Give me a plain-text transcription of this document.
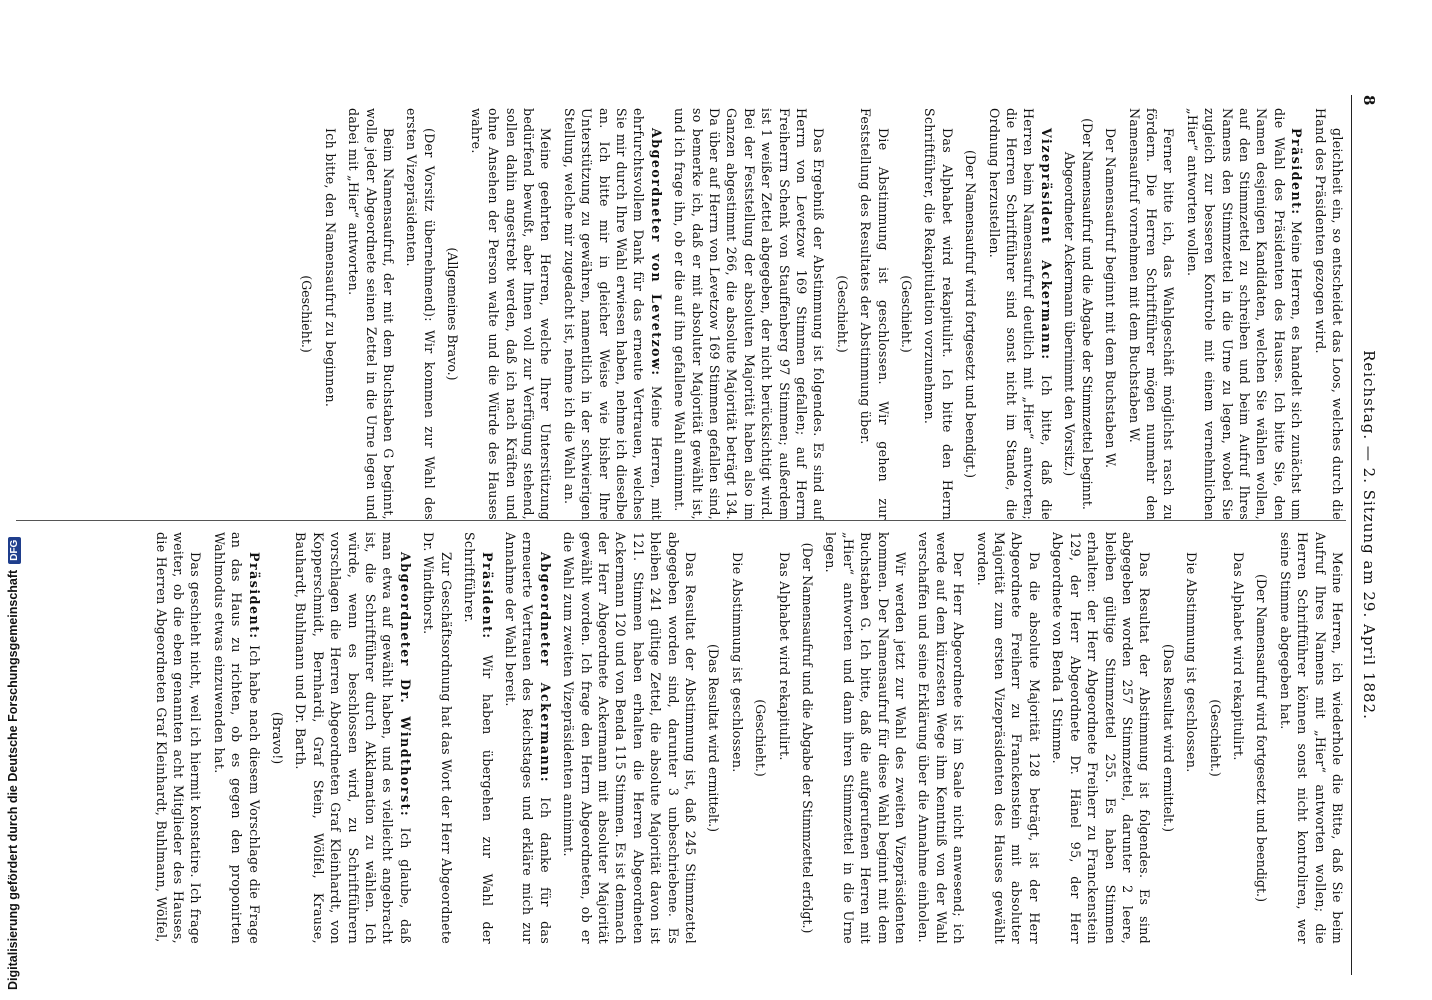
Digitalisierung gefördert durch die Deutsche ForschungsgemeinschaftDFG
8
Reichstag. — 2. Sitzung am 29. April 1882.

gleichheit ein, so entscheidet das Loos, welches durch die Hand des Präsidenten gezogen wird.

Präsident: Meine Herren, es handelt sich zunächst um die Wahl des Präsidenten des Hauses. Ich bitte Sie, den Namen desjenigen Kandidaten, welchen Sie wählen wollen, auf den Stimmzettel zu schreiben und beim Aufruf Ihres Namens den Stimmzettel in die Urne zu legen, wobei Sie zugleich zur besseren Kontrole mit einem vernehmlichen „Hier“ antworten wollen.

Ferner bitte ich, das Wahlgeschäft möglichst rasch zu fördern. Die Herren Schriftführer mögen nunmehr den Namensaufruf vornehmen mit dem Buchstaben W.

Der Namensaufruf beginnt mit dem Buchstaben W.

(Der Namensaufruf und die Abgabe der Stimmzettel beginnt. Abgeordneter Ackermann übernimmt den Vorsitz.)

Vizepräsident Ackermann: Ich bitte, daß die Herren beim Namensaufruf deutlich mit „Hier“ antworten; die Herren Schriftführer sind sonst nicht im Stande, die Ordnung herzustellen.

(Der Namensaufruf wird fortgesetzt und beendigt.)

Das Alphabet wird rekapitulirt. Ich bitte den Herrn Schriftführer, die Rekapitulation vorzunehmen.

(Geschieht.)

Die Abstimmung ist geschlossen. Wir gehen zur Feststellung des Resultates der Abstimmung über.

(Geschieht.)

Das Ergebniß der Abstimmung ist folgendes. Es sind auf Herrn von Levetzow 169 Stimmen gefallen; auf Herrn Freiherrn Schenk von Stauffenberg 97 Stimmen; außerdem ist 1 weißer Zettel abgegeben, der nicht berücksichtigt wird. Bei der Feststellung der absoluten Majorität haben also im Ganzen abgestimmt 266, die absolute Majorität beträgt 134. Da über auf Herrn von Levetzow 169 Stimmen gefallen sind, so bemerke ich, daß er mit absoluter Majorität gewählt ist, und ich frage ihn, ob er die auf ihn gefallene Wahl annimmt.

Abgeordneter von Levetzow: Meine Herren, mit ehrfurchtsvollem Dank für das erneute Vertrauen, welches Sie mir durch Ihre Wahl erwiesen haben, nehme ich dieselbe an. Ich bitte mir in gleicher Weise wie bisher Ihre Unterstützung zu gewähren, namentlich in der schwierigen Stellung, welche mir zugedacht ist, nehme ich die Wahl an.

Meine geehrten Herren, welche Ihrer Unterstützung bedürfend bewußt, aber Ihnen voll zur Verfügung stehend, sollen dahin angestrebt werden, daß ich nach Kräften und ohne Ansehen der Person walte und die Würde des Hauses wahre.

(Allgemeines Bravo.)

(Der Vorsitz übernehmend): Wir kommen zur Wahl des ersten Vizepräsidenten.

Beim Namensaufruf, der mit dem Buchstaben G beginnt, wolle jeder Abgeordnete seinen Zettel in die Urne legen und dabei mit „Hier“ antworten.

Ich bitte, den Namensaufruf zu beginnen.

(Geschieht.)

Meine Herren, ich wiederhole die Bitte, daß Sie beim Aufruf Ihres Namens mit „Hier“ antworten wollen; die Herren Schriftführer können sonst nicht kontroliren, wer seine Stimme abgegeben hat.

(Der Namensaufruf wird fortgesetzt und beendigt.)

Das Alphabet wird rekapitulirt.

(Geschieht.)

Die Abstimmung ist geschlossen.

(Das Resultat wird ermittelt.)

Das Resultat der Abstimmung ist folgendes. Es sind abgegeben worden 257 Stimmzettel, darunter 2 leere, bleiben gültige Stimmzettel 255. Es haben Stimmen erhalten: der Herr Abgeordnete Freiherr zu Franckenstein 129, der Herr Abgeordnete Dr. Hänel 95, der Herr Abgeordnete von Benda 1 Stimme.

Da die absolute Majorität 128 beträgt, ist der Herr Abgeordnete Freiherr zu Franckenstein mit absoluter Majorität zum ersten Vizepräsidenten des Hauses gewählt worden.

Der Herr Abgeordnete ist im Saale nicht anwesend; ich werde auf dem kürzesten Wege ihm Kenntniß von der Wahl verschaffen und seine Erklärung über die Annahme einholen.

Wir werden jetzt zur Wahl des zweiten Vizepräsidenten kommen. Der Namensaufruf für diese Wahl beginnt mit dem Buchstaben G. Ich bitte, daß die aufgerufenen Herren mit „Hier“ antworten und dann ihren Stimmzettel in die Urne legen.

(Der Namensaufruf und die Abgabe der Stimmzettel erfolgt.)

Das Alphabet wird rekapitulirt.

(Geschieht.)

Die Abstimmung ist geschlossen.

(Das Resultat wird ermittelt.)

Das Resultat der Abstimmung ist, daß 245 Stimmzettel abgegeben worden sind, darunter 3 unbeschriebene. Es bleiben 241 gültige Zettel, die absolute Majorität davon ist 121. Stimmen haben erhalten die Herren Abgeordneten Ackermann 120 und von Benda 115 Stimmen. Es ist demnach der Herr Abgeordnete Ackermann mit absoluter Majorität gewählt worden. Ich frage den Herrn Abgeordneten, ob er die Wahl zum zweiten Vizepräsidenten annimmt.

Abgeordneter Ackermann: Ich danke für das erneuerte Vertrauen des Reichstages und erkläre mich zur Annahme der Wahl bereit.

Präsident: Wir haben übergehen zur Wahl der Schriftführer.

Zur Geschäftsordnung hat das Wort der Herr Abgeordnete Dr. Windthorst.

Abgeordneter Dr. Windthorst: Ich glaube, daß man etwa auf gewählt haben, und es vielleicht angebracht ist, die Schriftführer durch Akklamation zu wählen. Ich würde, wenn es beschlossen wird, zu Schriftführern vorschlagen die Herren Abgeordneten Graf Kleinhardt, von Kopperschmidt, Bernhardi, Graf Stein, Wölfel, Krause, Bauhardt, Buhlmann und Dr. Barth.

(Bravo!)

Präsident: Ich habe nach diesem Vorschlage die Frage an das Haus zu richten, ob es gegen den proponirten Wahlmodus etwas einzuwenden hat.

Das geschieht nicht, weil ich hiermit konstatire. Ich frage weiter, ob die eben genannten acht Mitglieder des Hauses, die Herren Abgeordneten Graf Kleinhardt, Buhlmann, Wölfel,
